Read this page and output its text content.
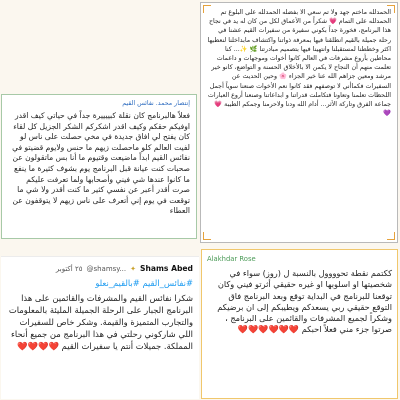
الحمدلله ماختم جهد ولا تم سعي الا بفضله الحمدلله على البلوغ تم الحمدلله على التمام 💗 شكراً من الأعماق لكل من كان له يد في نجاح هذا البرنامج، فخورة جداً بكوني سفيرة من سفيرات القيم عشنا في رحلة جميلة بالقيم انطلقنا فيها بمعرفة ذواتنا واكتشاف مابداخلنا لنعطيها اكثر وخططنا لمستقبلنا وانتهينا فيها بتصميم مبادرتنا 🌿 ✨... كنا محاطين بأروع مشرفات في العالم كانوا أخوات وموجهات و داعمات تعلمت منهم أن النجاح لا يكمن الا بالأخلاق الحسنة و التواضع، كانو خير مرشد ومعين جزاهم الله عنا خير الجزاء 🌸 وحين الحديث عن السفيرات فكماأني لا توصفهم فقد كانوا نعم الأخوات صنعنا سوياً أجمل اللحظات تعلمنا وتعاونا فتكاملت قدراتنا و ابداعاتنا وصنعنا أروع العبارات جماعة الفرق وتاركة الأثر... أدام الله ودنا ولاحرمنا وجمكم الطيبة 💗 💜
إنتصار محمد. نفائس القيم
فعلاً هالبرنامج كان نقلة كبييييرة جداً في حياتي كيف اقدر اوفيكم حقكم وكيف اقدر اشكركم الشكر الجزيل كل لقاء كان يفتح لي افاق جديدة في مخي حصلت على ناس لو لفيت العالم كلو ماحصلت زيهم ما حنس ولايوم قضيتو في نفائس القيم ابداً ماضيعت وقتيوم ما أنا بس ماتقولون عن صحبات كنت عيانة قبل البرنامج يوم بشوف كثيرة ما ينفع ما كانوا عندها شي فيني وأصحابها ولما تعرفت عليكم صرت أقدر أعبر عن نفسي كثير ما كنت أقدر ولا شي ما توقعت في يوم إني أتعرف على ناس زيهم لا يتوقفون عن العطاء
Alakhdar Rose
ككتمم نقطة تحوووول بالنسبة ل (روز) سواء في شخصيتها او اسلوبها او غيره حقيقي أثرتو فيني وكان توقعنا للبرنامج في البداية توقع وبعد البرنامج فاق التوقع حقيقي ربي يسعدكم ويطيبكم إلى ان برضيكم وشكراً لجميع المشرفات والقائمين على البرنامج ، صرتوا جزء مني فعلاً احبكم ❤️❤️❤️❤️❤️❤️
٢٥ أكتوبر @shamsy... ✦ Shams Abed
#نفائس_القيم #بالقيم_نعلو
شكرا نفائس القيم والمشرفات والقائمين على هذا البرنامج الجبار على الرحلة الجميلة المليئة بالمعلومات والتجارب المتميزة والقيمة. وشكر خاص للسفيرات اللي شاركوني رحلتي في هذا البرنامج من جميع أنحاء المملكة. جميلات أنتم يا سفيرات القيم ❤️❤️❤️❤️
